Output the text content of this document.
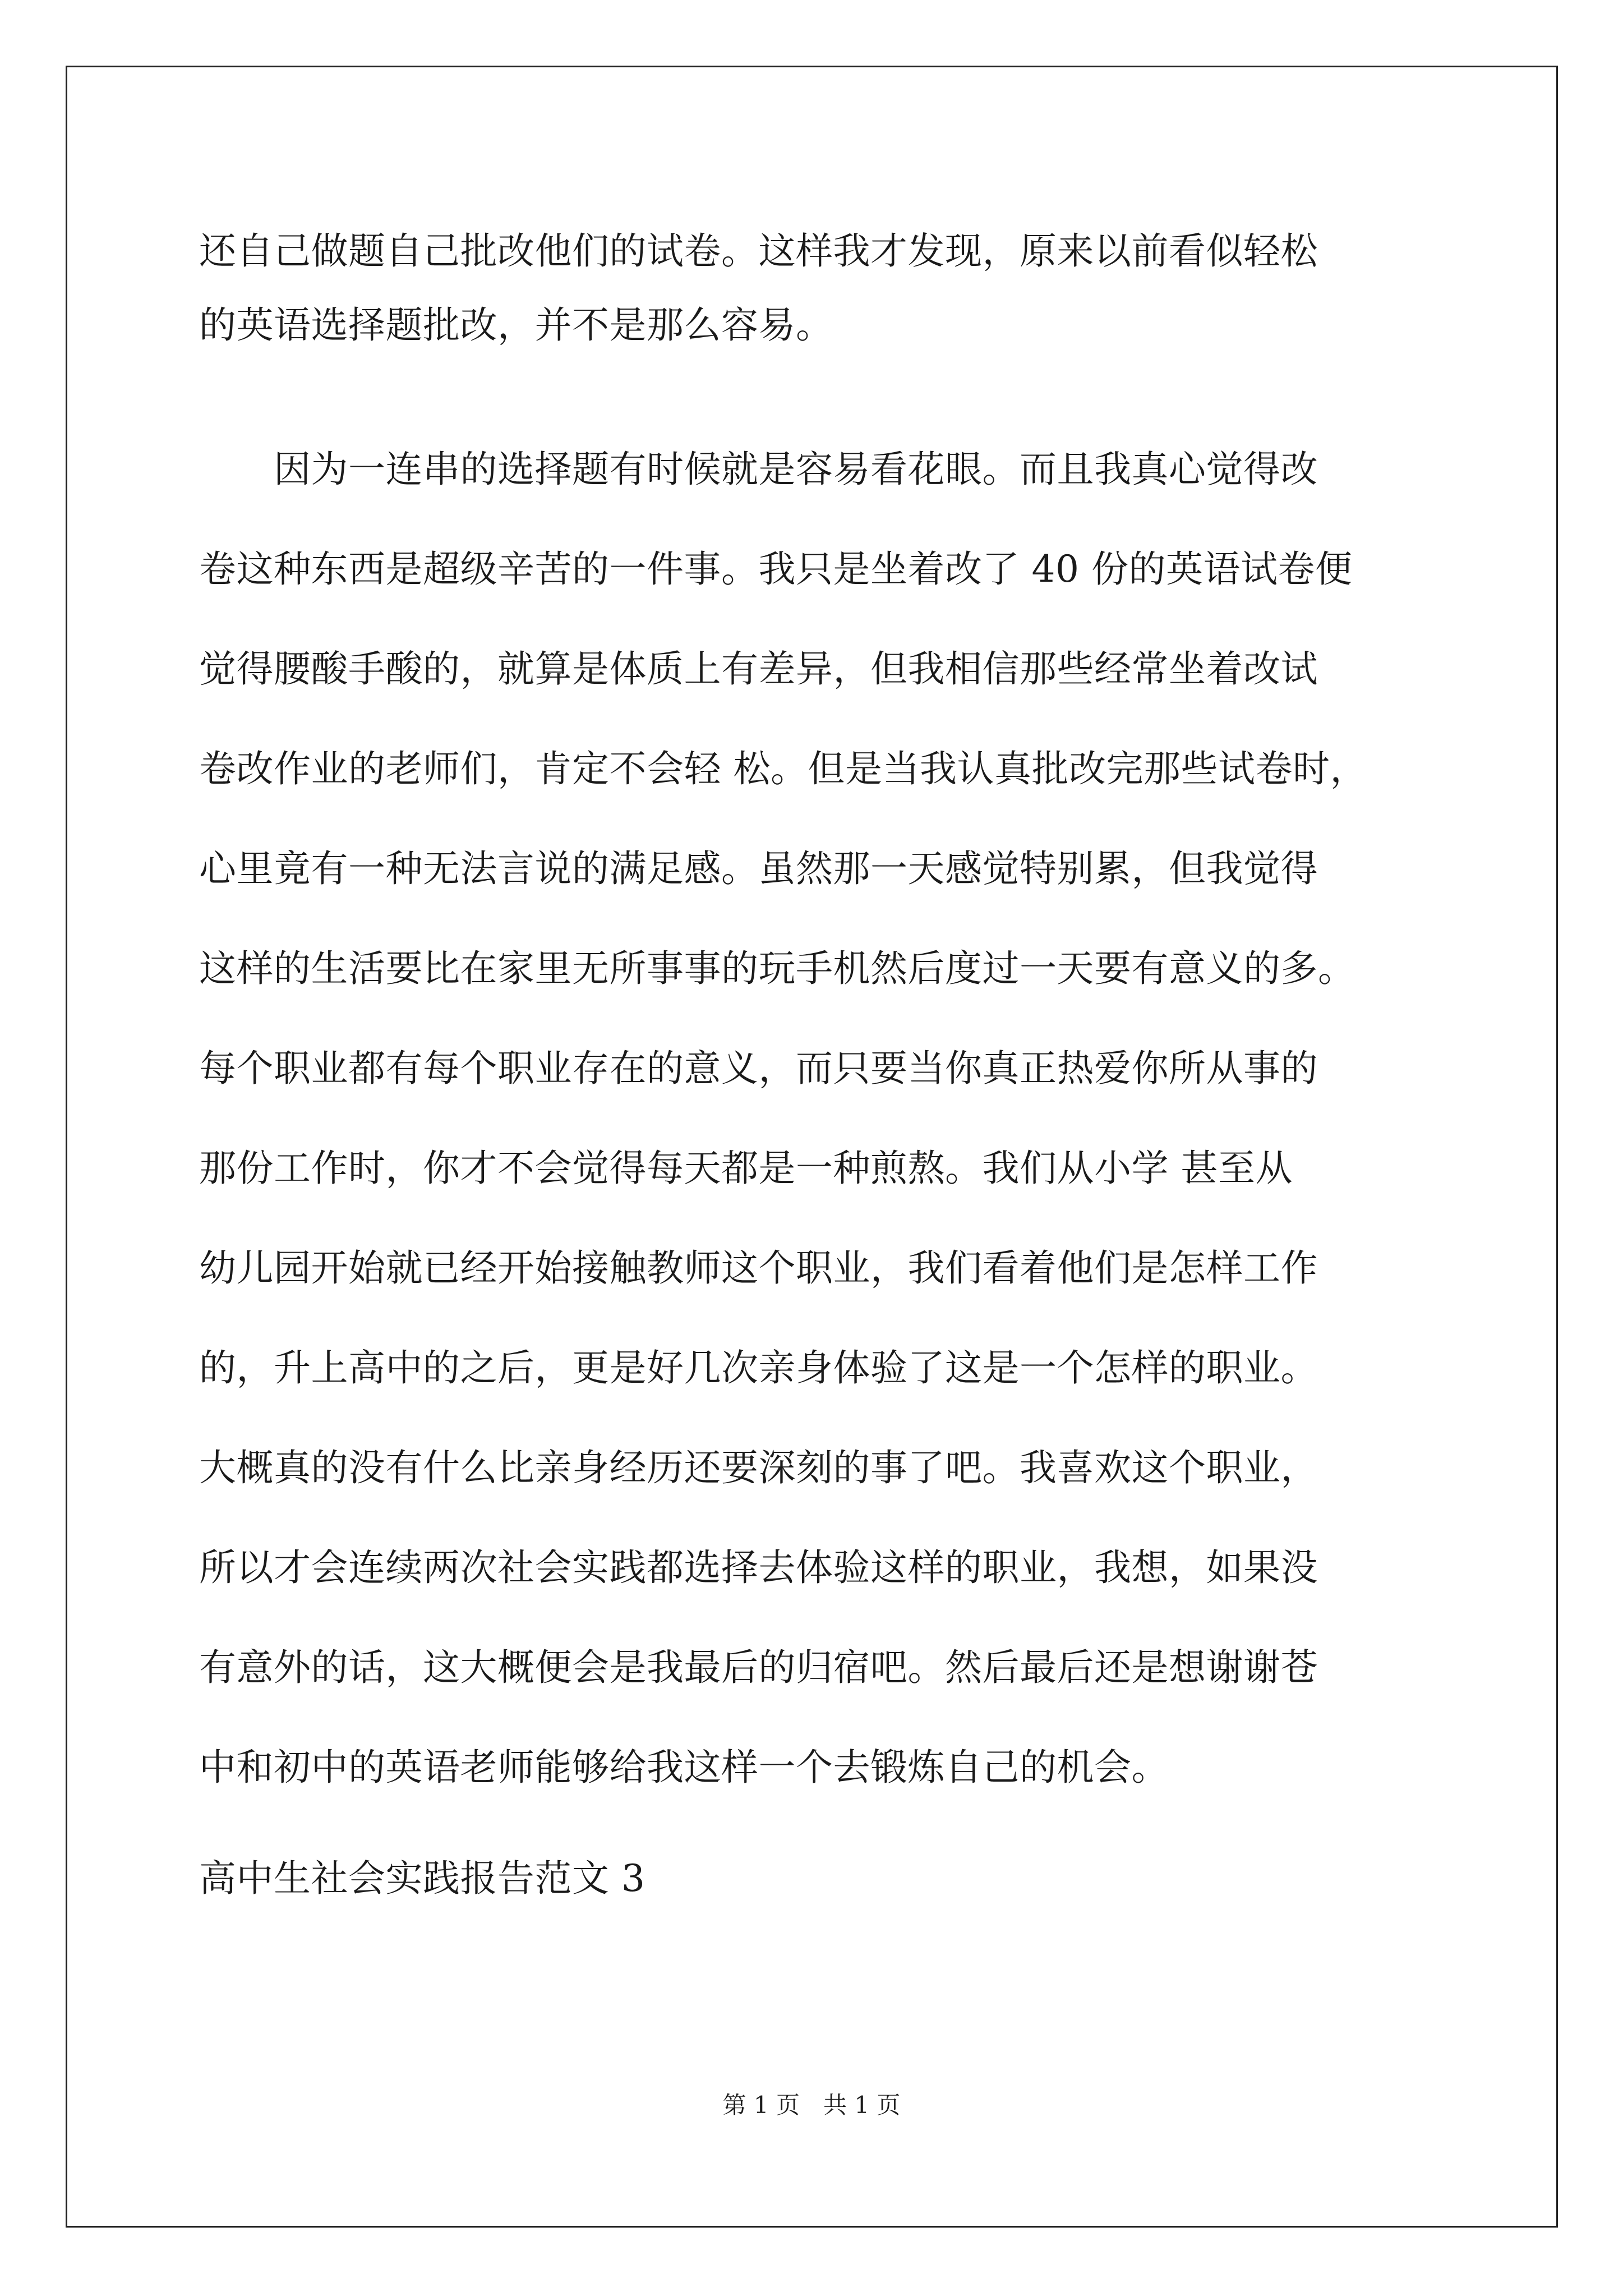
还自己做题自己批改他们的试卷。这样我才发现，原来以前看似轻松
的英语选择题批改，并不是那么容易。
　　因为一连串的选择题有时候就是容易看花眼。而且我真心觉得改
卷这种东西是超级辛苦的一件事。我只是坐着改了 40 份的英语试卷便
觉得腰酸手酸的，就算是体质上有差异，但我相信那些经常坐着改试
卷改作业的老师们，肯定不会轻 松。但是当我认真批改完那些试卷时，
心里竟有一种无法言说的满足感。虽然那一天感觉特别累，但我觉得
这样的生活要比在家里无所事事的玩手机然后度过一天要有意义的多。
每个职业都有每个职业存在的意义，而只要当你真正热爱你所从事的
那份工作时，你才不会觉得每天都是一种煎熬。我们从小学 甚至从
幼儿园开始就已经开始接触教师这个职业，我们看着他们是怎样工作
的，升上高中的之后，更是好几次亲身体验了这是一个怎样的职业。
大概真的没有什么比亲身经历还要深刻的事了吧。我喜欢这个职业，
所以才会连续两次社会实践都选择去体验这样的职业，我想，如果没
有意外的话，这大概便会是我最后的归宿吧。然后最后还是想谢谢苍
中和初中的英语老师能够给我这样一个去锻炼自己的机会。
高中生社会实践报告范文 3
第 1 页　共 1 页
